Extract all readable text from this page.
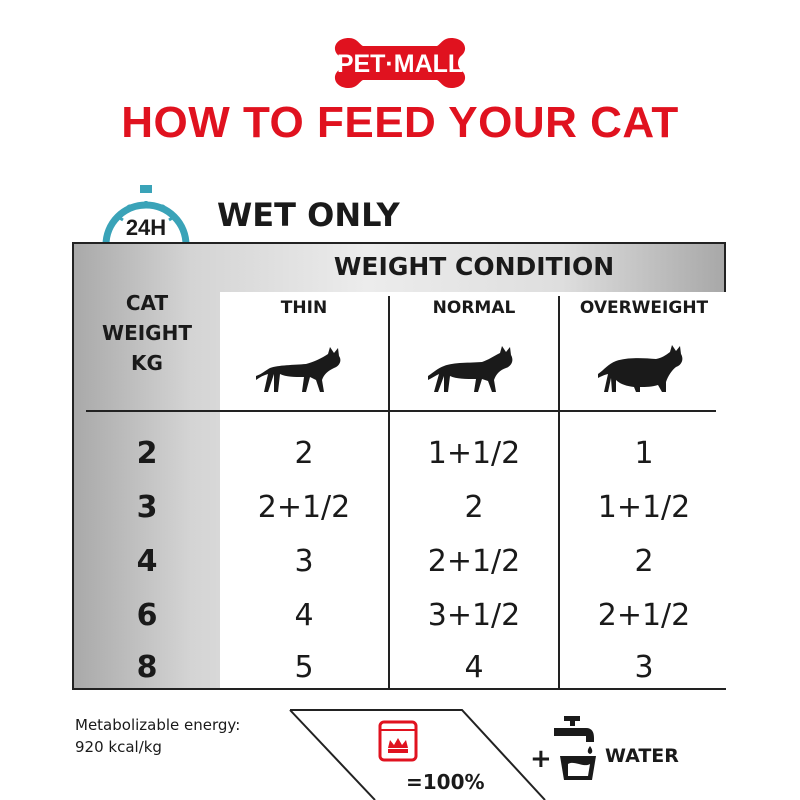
PET·MALL
HOW TO FEED YOUR CAT
24H WET ONLY
WEIGHT CONDITION
CAT
WEIGHT
KG
THIN	NORMAL	OVERWEIGHT
2	2	1+1/2	1
3	2+1/2	2	1+1/2
4	3	2+1/2	2
6	4	3+1/2	2+1/2
8	5	4	3
Metabolizable energy:
920 kcal/kg
=100%
+	WATER
